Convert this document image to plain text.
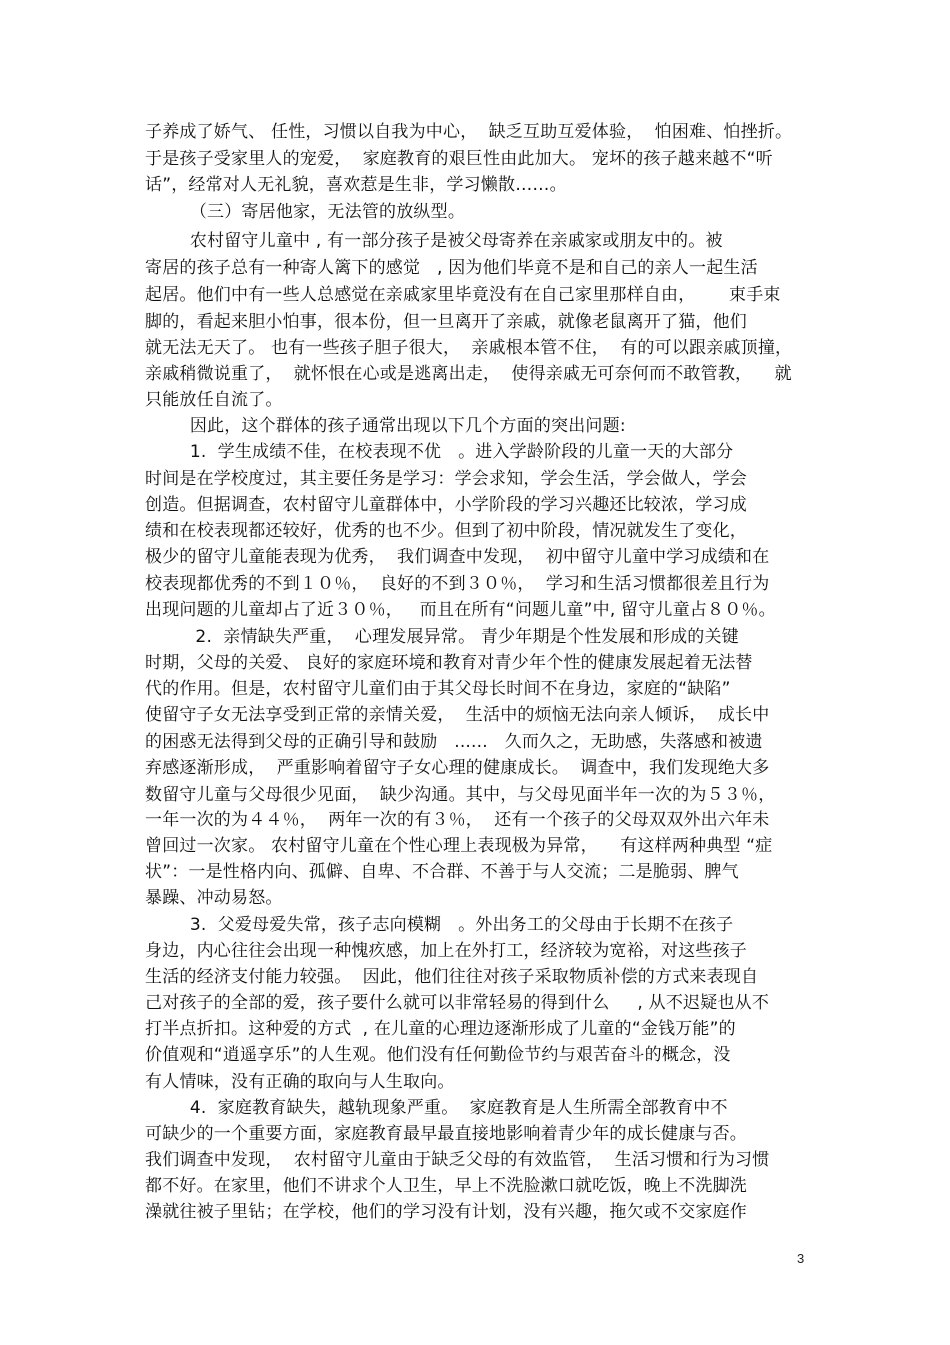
子养成了娇气、 任性，习惯以自我为中心，  缺乏互助互爱体验，  怕困难、怕挫折。
于是孩子受家里人的宠爱，  家庭教育的艰巨性由此加大。 宠坏的孩子越来越不“听
话”，经常对人无礼貌，喜欢惹是生非，学习懒散……。
（三）寄居他家，无法管的放纵型。
农村留守儿童中 , 有一部分孩子是被父母寄养在亲戚家或朋友中的。被
寄居的孩子总有一种寄人篱下的感觉   , 因为他们毕竟不是和自己的亲人一起生活
起居。他们中有一些人总感觉在亲戚家里毕竟没有在自己家里那样自由，      束手束
脚的，看起来胆小怕事，很本份，但一旦离开了亲戚，就像老鼠离开了猫，他们
就无法无天了。 也有一些孩子胆子很大，  亲戚根本管不住，  有的可以跟亲戚顶撞，
亲戚稍微说重了，  就怀恨在心或是逃离出走，  使得亲戚无可奈何而不敢管教，    就
只能放任自流了。
因此，这个群体的孩子通常出现以下几个方面的突出问题:
1.  学生成绩不佳，在校表现不优   。进入学龄阶段的儿童一天的大部分
时间是在学校度过，其主要任务是学习：学会求知，学会生活，学会做人，学会
创造。但据调查，农村留守儿童群体中，小学阶段的学习兴趣还比较浓，学习成
绩和在校表现都还较好，优秀的也不少。但到了初中阶段，情况就发生了变化，
极少的留守儿童能表现为优秀，  我们调查中发现，  初中留守儿童中学习成绩和在
校表现都优秀的不到１０％，  良好的不到３０％，  学习和生活习惯都很差且行为
出现问题的儿童却占了近３０％，   而且在所有“问题儿童”中, 留守儿童占８０％。
2.  亲情缺失严重，  心理发展异常。 青少年期是个性发展和形成的关键
时期，父母的关爱、 良好的家庭环境和教育对青少年个性的健康发展起着无法替
代的作用。但是，农村留守儿童们由于其父母长时间不在身边，家庭的“缺陷”
使留守子女无法享受到正常的亲情关爱，  生活中的烦恼无法向亲人倾诉，  成长中
的困惑无法得到父母的正确引导和鼓励   ......   久而久之，无助感，失落感和被遗
弃感逐渐形成，  严重影响着留守子女心理的健康成长。  调查中，我们发现绝大多
数留守儿童与父母很少见面，  缺少沟通。其中，与父母见面半年一次的为５３％，
一年一次的为４４％，  两年一次的有３％，  还有一个孩子的父母双双外出六年未
曾回过一次家。 农村留守儿童在个性心理上表现极为异常，    有这样两种典型 “症
状”：一是性格内向、孤僻、自卑、不合群、不善于与人交流；二是脆弱、脾气
暴躁、冲动易怒。
3.  父爱母爱失常，孩子志向模糊   。外出务工的父母由于长期不在孩子
身边，内心往往会出现一种愧疚感，加上在外打工，经济较为宽裕，对这些孩子
生活的经济支付能力较强。  因此，他们往往对孩子采取物质补偿的方式来表现自
己对孩子的全部的爱，孩子要什么就可以非常轻易的得到什么     , 从不迟疑也从不
打半点折扣。这种爱的方式  , 在儿童的心理边逐渐形成了儿童的“金钱万能”的
价值观和“逍遥享乐”的人生观。他们没有任何勤俭节约与艰苦奋斗的概念，没
有人情味，没有正确的取向与人生取向。
4.  家庭教育缺失，越轨现象严重。  家庭教育是人生所需全部教育中不
可缺少的一个重要方面，家庭教育最早最直接地影响着青少年的成长健康与否。
我们调查中发现，  农村留守儿童由于缺乏父母的有效监管，  生活习惯和行为习惯
都不好。在家里，他们不讲求个人卫生，早上不洗脸漱口就吃饭，晚上不洗脚洗
澡就往被子里钻；在学校，他们的学习没有计划，没有兴趣，拖欠或不交家庭作
3
